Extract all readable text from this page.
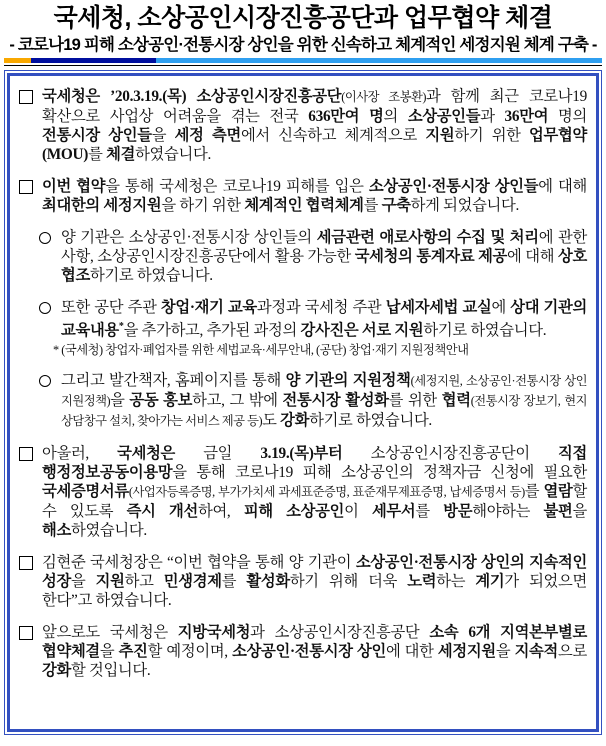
국세청, 소상공인시장진흥공단과 업무협약 체결
- 코로나19 피해 소상공인·전통시장 상인을 위한 신속하고 체계적인 세정지원 체계 구축 -
국세청은 ’20.3.19.(목) 소상공인시장진흥공단(이사장 조봉환)과 함께 최근 코로나19 확산으로 사업상 어려움을 겪는 전국 636만여 명의 소상공인들과 36만여 명의 전통시장 상인들을 세정 측면에서 신속하고 체계적으로 지원하기 위한 업무협약(MOU)를 체결하였습니다.
이번 협약을 통해 국세청은 코로나19 피해를 입은 소상공인·전통시장 상인들에 대해 최대한의 세정지원을 하기 위한 체계적인 협력체계를 구축하게 되었습니다.
양 기관은 소상공인·전통시장 상인들의 세금관련 애로사항의 수집 및 처리에 관한 사항, 소상공인시장진흥공단에서 활용 가능한 국세청의 통계자료 제공에 대해 상호 협조하기로 하였습니다.
또한 공단 주관 창업·재기 교육과정과 국세청 주관 납세자세법 교실에 상대 기관의 교육내용*을 추가하고, 추가된 과정의 강사진은 서로 지원하기로 하였습니다.
* (국세청) 창업자·폐업자를 위한 세법교육·세무안내, (공단) 창업·재기 지원정책안내
그리고 발간책자, 홈페이지를 통해 양 기관의 지원정책(세정지원, 소상공인·전통시장 상인 지원정책)을 공동 홍보하고, 그 밖에 전통시장 활성화를 위한 협력(전통시장 장보기, 현지 상담창구 설치, 찾아가는 서비스 제공 등)도 강화하기로 하였습니다.
아울러, 국세청은 금일 3.19.(목)부터 소상공인시장진흥공단이 직접 행정정보공동이용망을 통해 코로나19 피해 소상공인의 정책자금 신청에 필요한 국세증명서류(사업자등록증명, 부가가치세 과세표준증명, 표준재무제표증명, 납세증명서 등)를 열람할 수 있도록 즉시 개선하여, 피해 소상공인이 세무서를 방문해야하는 불편을 해소하였습니다.
김현준 국세청장은 “이번 협약을 통해 양 기관이 소상공인·전통시장 상인의 지속적인 성장을 지원하고 민생경제를 활성화하기 위해 더욱 노력하는 계기가 되었으면 한다”고 하였습니다.
앞으로도 국세청은 지방국세청과 소상공인시장진흥공단 소속 6개 지역본부별로 협약체결을 추진할 예정이며, 소상공인·전통시장 상인에 대한 세정지원을 지속적으로 강화할 것입니다.
